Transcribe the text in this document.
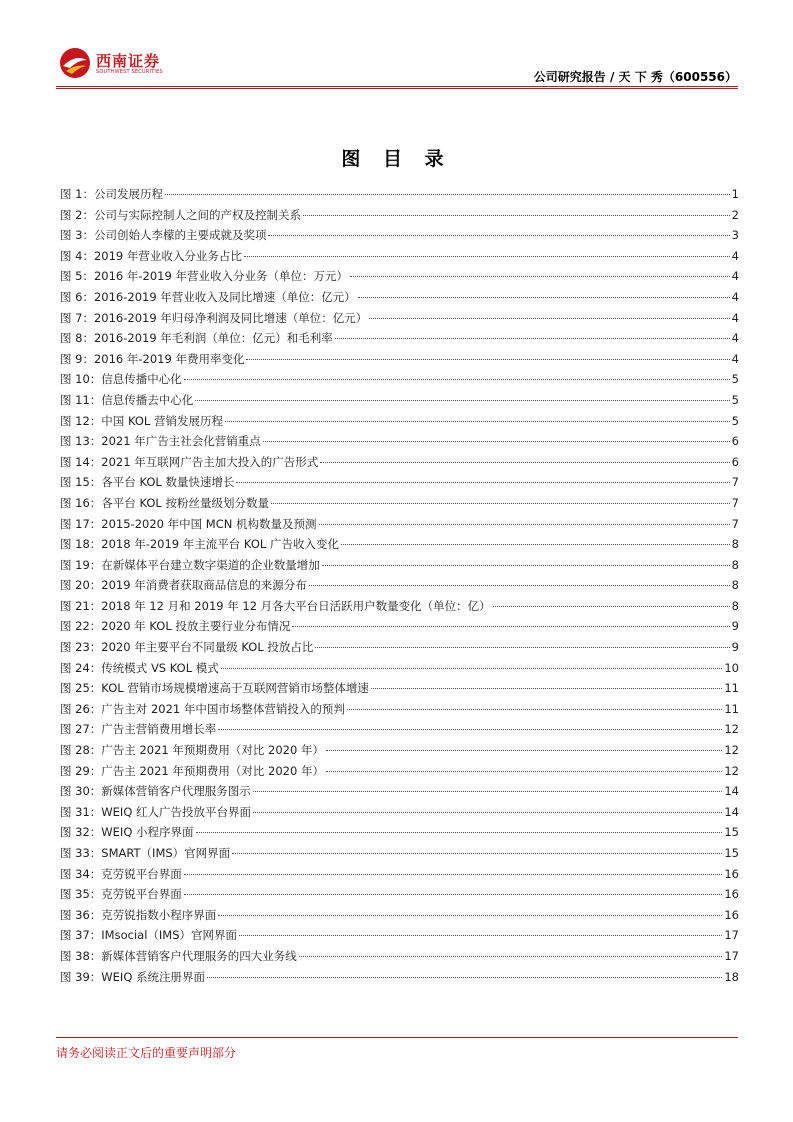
西南证券
SOUTHWEST SECURITIES	公司研究报告 / 天 下 秀（600556）
图 目 录
图 1：公司发展历程	1
图 2：公司与实际控制人之间的产权及控制关系	2
图 3：公司创始人李檬的主要成就及奖项	3
图 4：2019 年营业收入分业务占比	4
图 5：2016 年-2019 年营业收入分业务（单位：万元）	4
图 6：2016-2019 年营业收入及同比增速（单位：亿元）	4
图 7：2016-2019 年归母净利润及同比增速（单位：亿元）	4
图 8：2016-2019 年毛利润（单位：亿元）和毛利率	4
图 9：2016 年-2019 年费用率变化	4
图 10：信息传播中心化	5
图 11：信息传播去中心化	5
图 12：中国 KOL 营销发展历程	5
图 13：2021 年广告主社会化营销重点	6
图 14：2021 年互联网广告主加大投入的广告形式	6
图 15：各平台 KOL 数量快速增长	7
图 16：各平台 KOL 按粉丝量级划分数量	7
图 17：2015-2020 年中国 MCN 机构数量及预测	7
图 18：2018 年-2019 年主流平台 KOL 广告收入变化	8
图 19：在新媒体平台建立数字渠道的企业数量增加	8
图 20：2019 年消费者获取商品信息的来源分布	8
图 21：2018 年 12 月和 2019 年 12 月各大平台日活跃用户数量变化（单位：亿）	8
图 22：2020 年 KOL 投放主要行业分布情况	9
图 23：2020 年主要平台不同量级 KOL 投放占比	9
图 24：传统模式 VS KOL 模式	10
图 25：KOL 营销市场规模增速高于互联网营销市场整体增速	11
图 26：广告主对 2021 年中国市场整体营销投入的预判	11
图 27：广告主营销费用增长率	12
图 28：广告主 2021 年预期费用（对比 2020 年）	12
图 29：广告主 2021 年预期费用（对比 2020 年）	12
图 30：新媒体营销客户代理服务图示	14
图 31：WEIQ 红人广告投放平台界面	14
图 32：WEIQ 小程序界面	15
图 33：SMART（IMS）官网界面	15
图 34：克劳锐平台界面	16
图 35：克劳锐平台界面	16
图 36：克劳锐指数小程序界面	16
图 37：IMsocial（IMS）官网界面	17
图 38：新媒体营销客户代理服务的四大业务线	17
图 39：WEIQ 系统注册界面	18
请务必阅读正文后的重要声明部分
